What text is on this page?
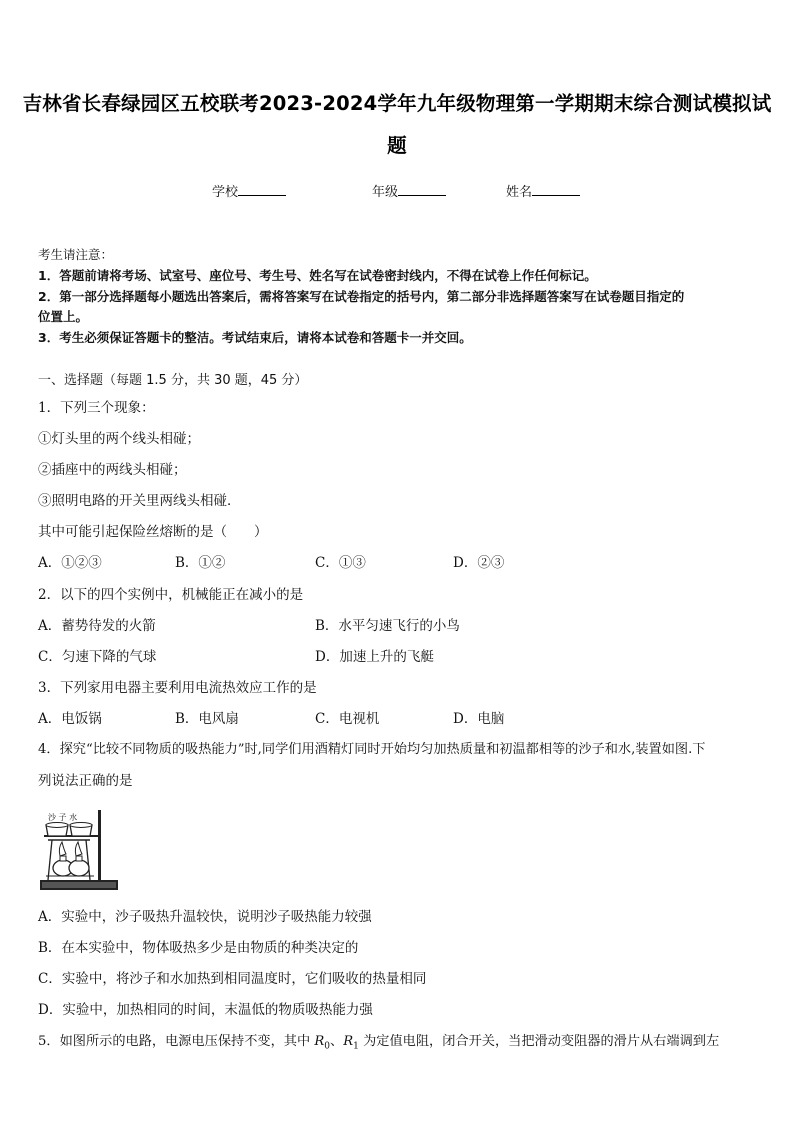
吉林省长春绿园区五校联考2023-2024学年九年级物理第一学期期末综合测试模拟试
题
学校	年级	姓名
考生请注意：
1．答题前请将考场、试室号、座位号、考生号、姓名写在试卷密封线内，不得在试卷上作任何标记。
2．第一部分选择题每小题选出答案后，需将答案写在试卷指定的括号内，第二部分非选择题答案写在试卷题目指定的
位置上。
3．考生必须保证答题卡的整洁。考试结束后，请将本试卷和答题卡一并交回。
一、选择题（每题 1.5 分，共 30 题，45 分）
1．下列三个现象：
①灯头里的两个线头相碰；
②插座中的两线头相碰；
③照明电路的开关里两线头相碰．
其中可能引起保险丝熔断的是（　　）
A．①②③	B．①②	C．①③	D．②③
2．以下的四个实例中，机械能正在减小的是
A．蓄势待发的火箭	B．水平匀速飞行的小鸟
C．匀速下降的气球	D．加速上升的飞艇
3．下列家用电器主要利用电流热效应工作的是
A．电饭锅	B．电风扇	C．电视机	D．电脑
4．探究“比较不同物质的吸热能力”时,同学们用酒精灯同时开始均匀加热质量和初温都相等的沙子和水,装置如图.下
列说法正确的是
沙 子 水
A．实验中，沙子吸热升温较快，说明沙子吸热能力较强
B．在本实验中，物体吸热多少是由物质的种类决定的
C．实验中，将沙子和水加热到相同温度时，它们吸收的热量相同
D．实验中，加热相同的时间，末温低的物质吸热能力强
5．如图所示的电路，电源电压保持不变，其中 $R_0$、$R_1$ 为定值电阻，闭合开关，当把滑动变阻器的滑片从右端调到左
